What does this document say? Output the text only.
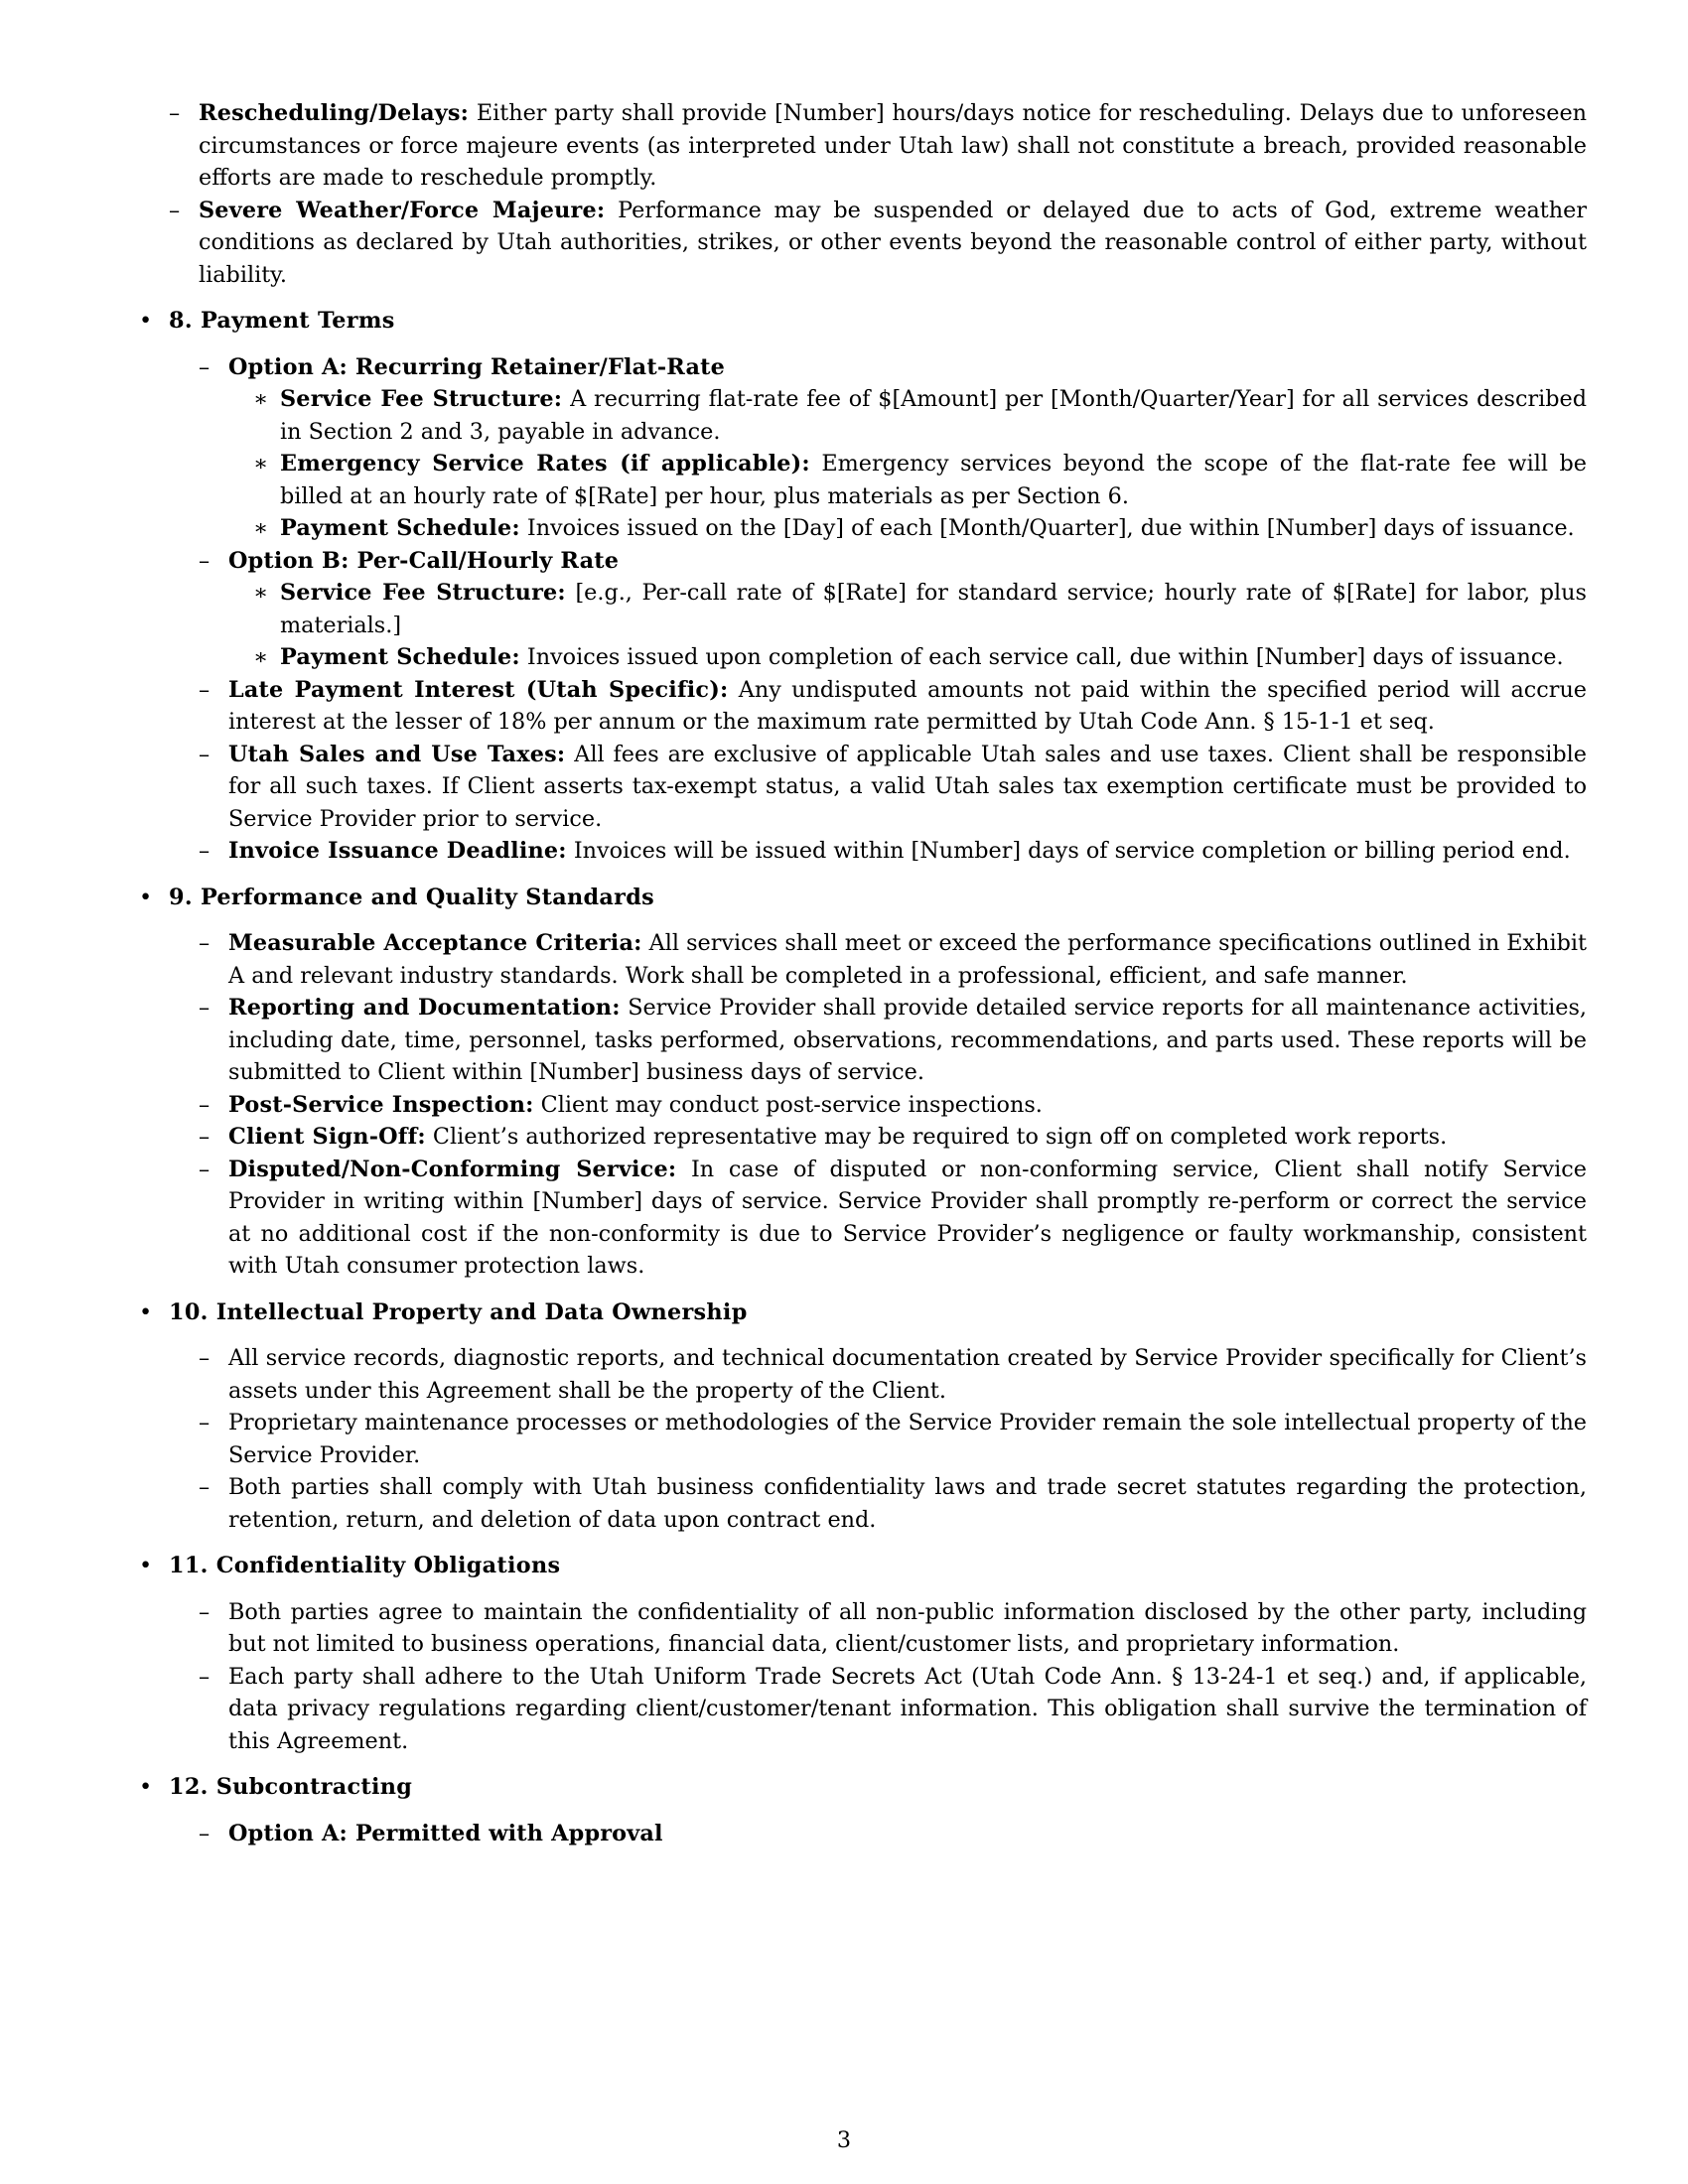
– Rescheduling/Delays: Either party shall provide [Number] hours/days notice for rescheduling. Delays due to unforeseen circumstances or force majeure events (as interpreted under Utah law) shall not constitute a breach, provided reasonable efforts are made to reschedule promptly.
– Severe Weather/Force Majeure: Performance may be suspended or delayed due to acts of God, extreme weather conditions as declared by Utah authorities, strikes, or other events beyond the reasonable control of either party, without liability.
• 8. Payment Terms
– Option A: Recurring Retainer/Flat-Rate
∗ Service Fee Structure: A recurring flat-rate fee of $[Amount] per [Month/Quarter/Year] for all services described in Section 2 and 3, payable in advance.
∗ Emergency Service Rates (if applicable): Emergency services beyond the scope of the flat-rate fee will be billed at an hourly rate of $[Rate] per hour, plus materials as per Section 6.
∗ Payment Schedule: Invoices issued on the [Day] of each [Month/Quarter], due within [Number] days of issuance.
– Option B: Per-Call/Hourly Rate
∗ Service Fee Structure: [e.g., Per-call rate of $[Rate] for standard service; hourly rate of $[Rate] for labor, plus materials.]
∗ Payment Schedule: Invoices issued upon completion of each service call, due within [Number] days of issuance.
– Late Payment Interest (Utah Specific): Any undisputed amounts not paid within the specified period will accrue interest at the lesser of 18% per annum or the maximum rate permitted by Utah Code Ann. § 15-1-1 et seq.
– Utah Sales and Use Taxes: All fees are exclusive of applicable Utah sales and use taxes. Client shall be responsible for all such taxes. If Client asserts tax-exempt status, a valid Utah sales tax exemption certificate must be provided to Service Provider prior to service.
– Invoice Issuance Deadline: Invoices will be issued within [Number] days of service completion or billing period end.
• 9. Performance and Quality Standards
– Measurable Acceptance Criteria: All services shall meet or exceed the performance specifications outlined in Exhibit A and relevant industry standards. Work shall be completed in a professional, efficient, and safe manner.
– Reporting and Documentation: Service Provider shall provide detailed service reports for all maintenance activities, including date, time, personnel, tasks performed, observations, recommendations, and parts used. These reports will be submitted to Client within [Number] business days of service.
– Post-Service Inspection: Client may conduct post-service inspections.
– Client Sign-Off: Client’s authorized representative may be required to sign off on completed work reports.
– Disputed/Non-Conforming Service: In case of disputed or non-conforming service, Client shall notify Service Provider in writing within [Number] days of service. Service Provider shall promptly re-perform or correct the service at no additional cost if the non-conformity is due to Service Provider’s negligence or faulty workmanship, consistent with Utah consumer protection laws.
• 10. Intellectual Property and Data Ownership
– All service records, diagnostic reports, and technical documentation created by Service Provider specifically for Client’s assets under this Agreement shall be the property of the Client.
– Proprietary maintenance processes or methodologies of the Service Provider remain the sole intellectual property of the Service Provider.
– Both parties shall comply with Utah business confidentiality laws and trade secret statutes regarding the protection, retention, return, and deletion of data upon contract end.
• 11. Confidentiality Obligations
– Both parties agree to maintain the confidentiality of all non-public information disclosed by the other party, including but not limited to business operations, financial data, client/customer lists, and proprietary information.
– Each party shall adhere to the Utah Uniform Trade Secrets Act (Utah Code Ann. § 13-24-1 et seq.) and, if applicable, data privacy regulations regarding client/customer/tenant information. This obligation shall survive the termination of this Agreement.
• 12. Subcontracting
– Option A: Permitted with Approval
3
